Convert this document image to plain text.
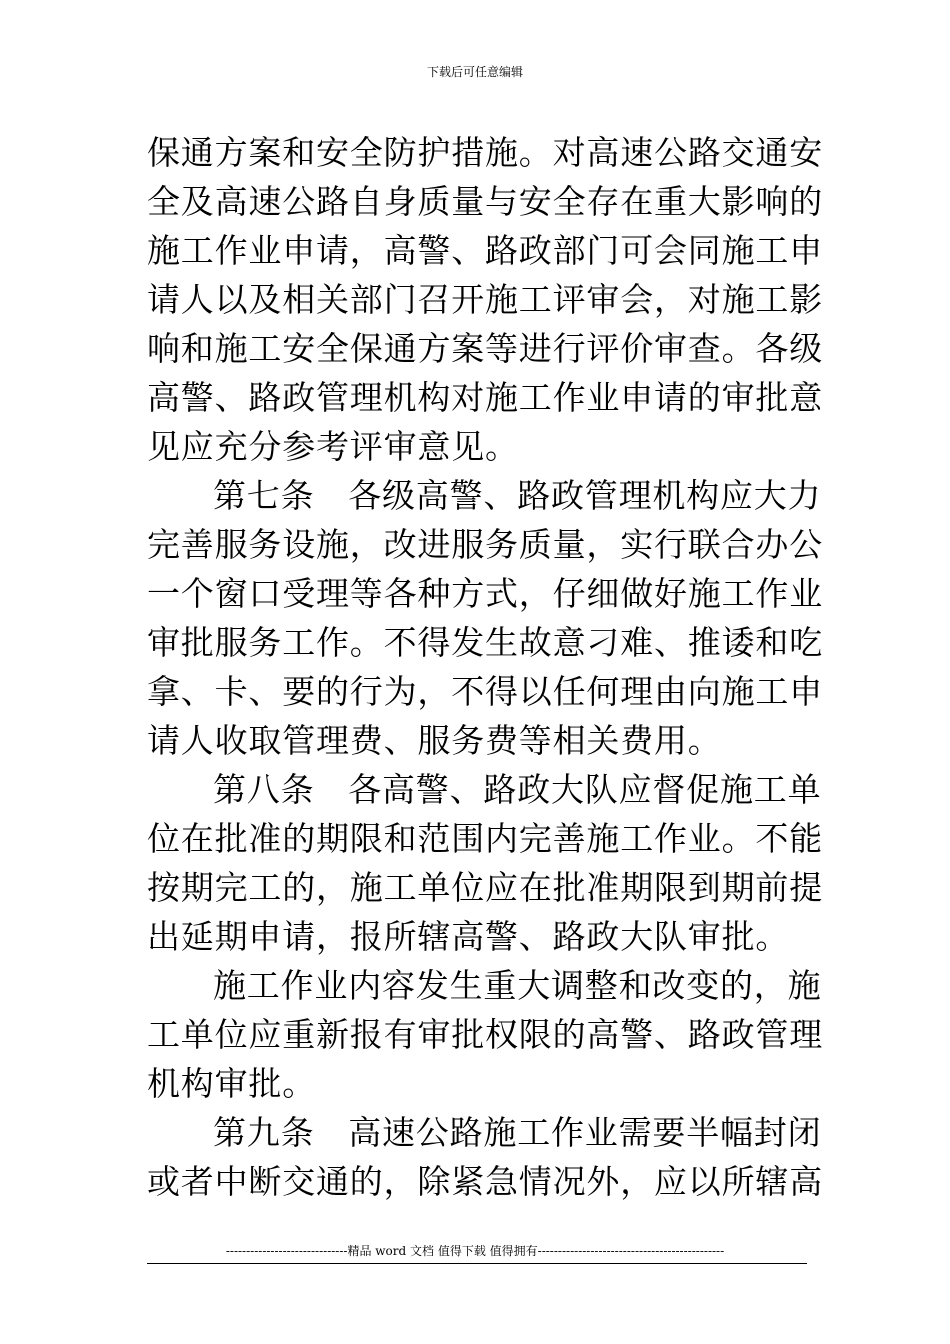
下载后可任意编辑
保通方案和安全防护措施。对高速公路交通安
全及高速公路自身质量与安全存在重大影响的
施工作业申请，高警、路政部门可会同施工申
请人以及相关部门召开施工评审会，对施工影
响和施工安全保通方案等进行评价审查。各级
高警、路政管理机构对施工作业申请的审批意
见应充分参考评审意见。
第七条　各级高警、路政管理机构应大力
完善服务设施，改进服务质量，实行联合办公
一个窗口受理等各种方式，仔细做好施工作业
审批服务工作。不得发生故意刁难、推诿和吃
拿、卡、要的行为，不得以任何理由向施工申
请人收取管理费、服务费等相关费用。
第八条　各高警、路政大队应督促施工单
位在批准的期限和范围内完善施工作业。不能
按期完工的，施工单位应在批准期限到期前提
出延期申请，报所辖高警、路政大队审批。
施工作业内容发生重大调整和改变的，施
工单位应重新报有审批权限的高警、路政管理
机构审批。
第九条　高速公路施工作业需要半幅封闭
或者中断交通的，除紧急情况外，应以所辖高
------------------------------精品 word 文档 值得下载 值得拥有----------------------------------------------
